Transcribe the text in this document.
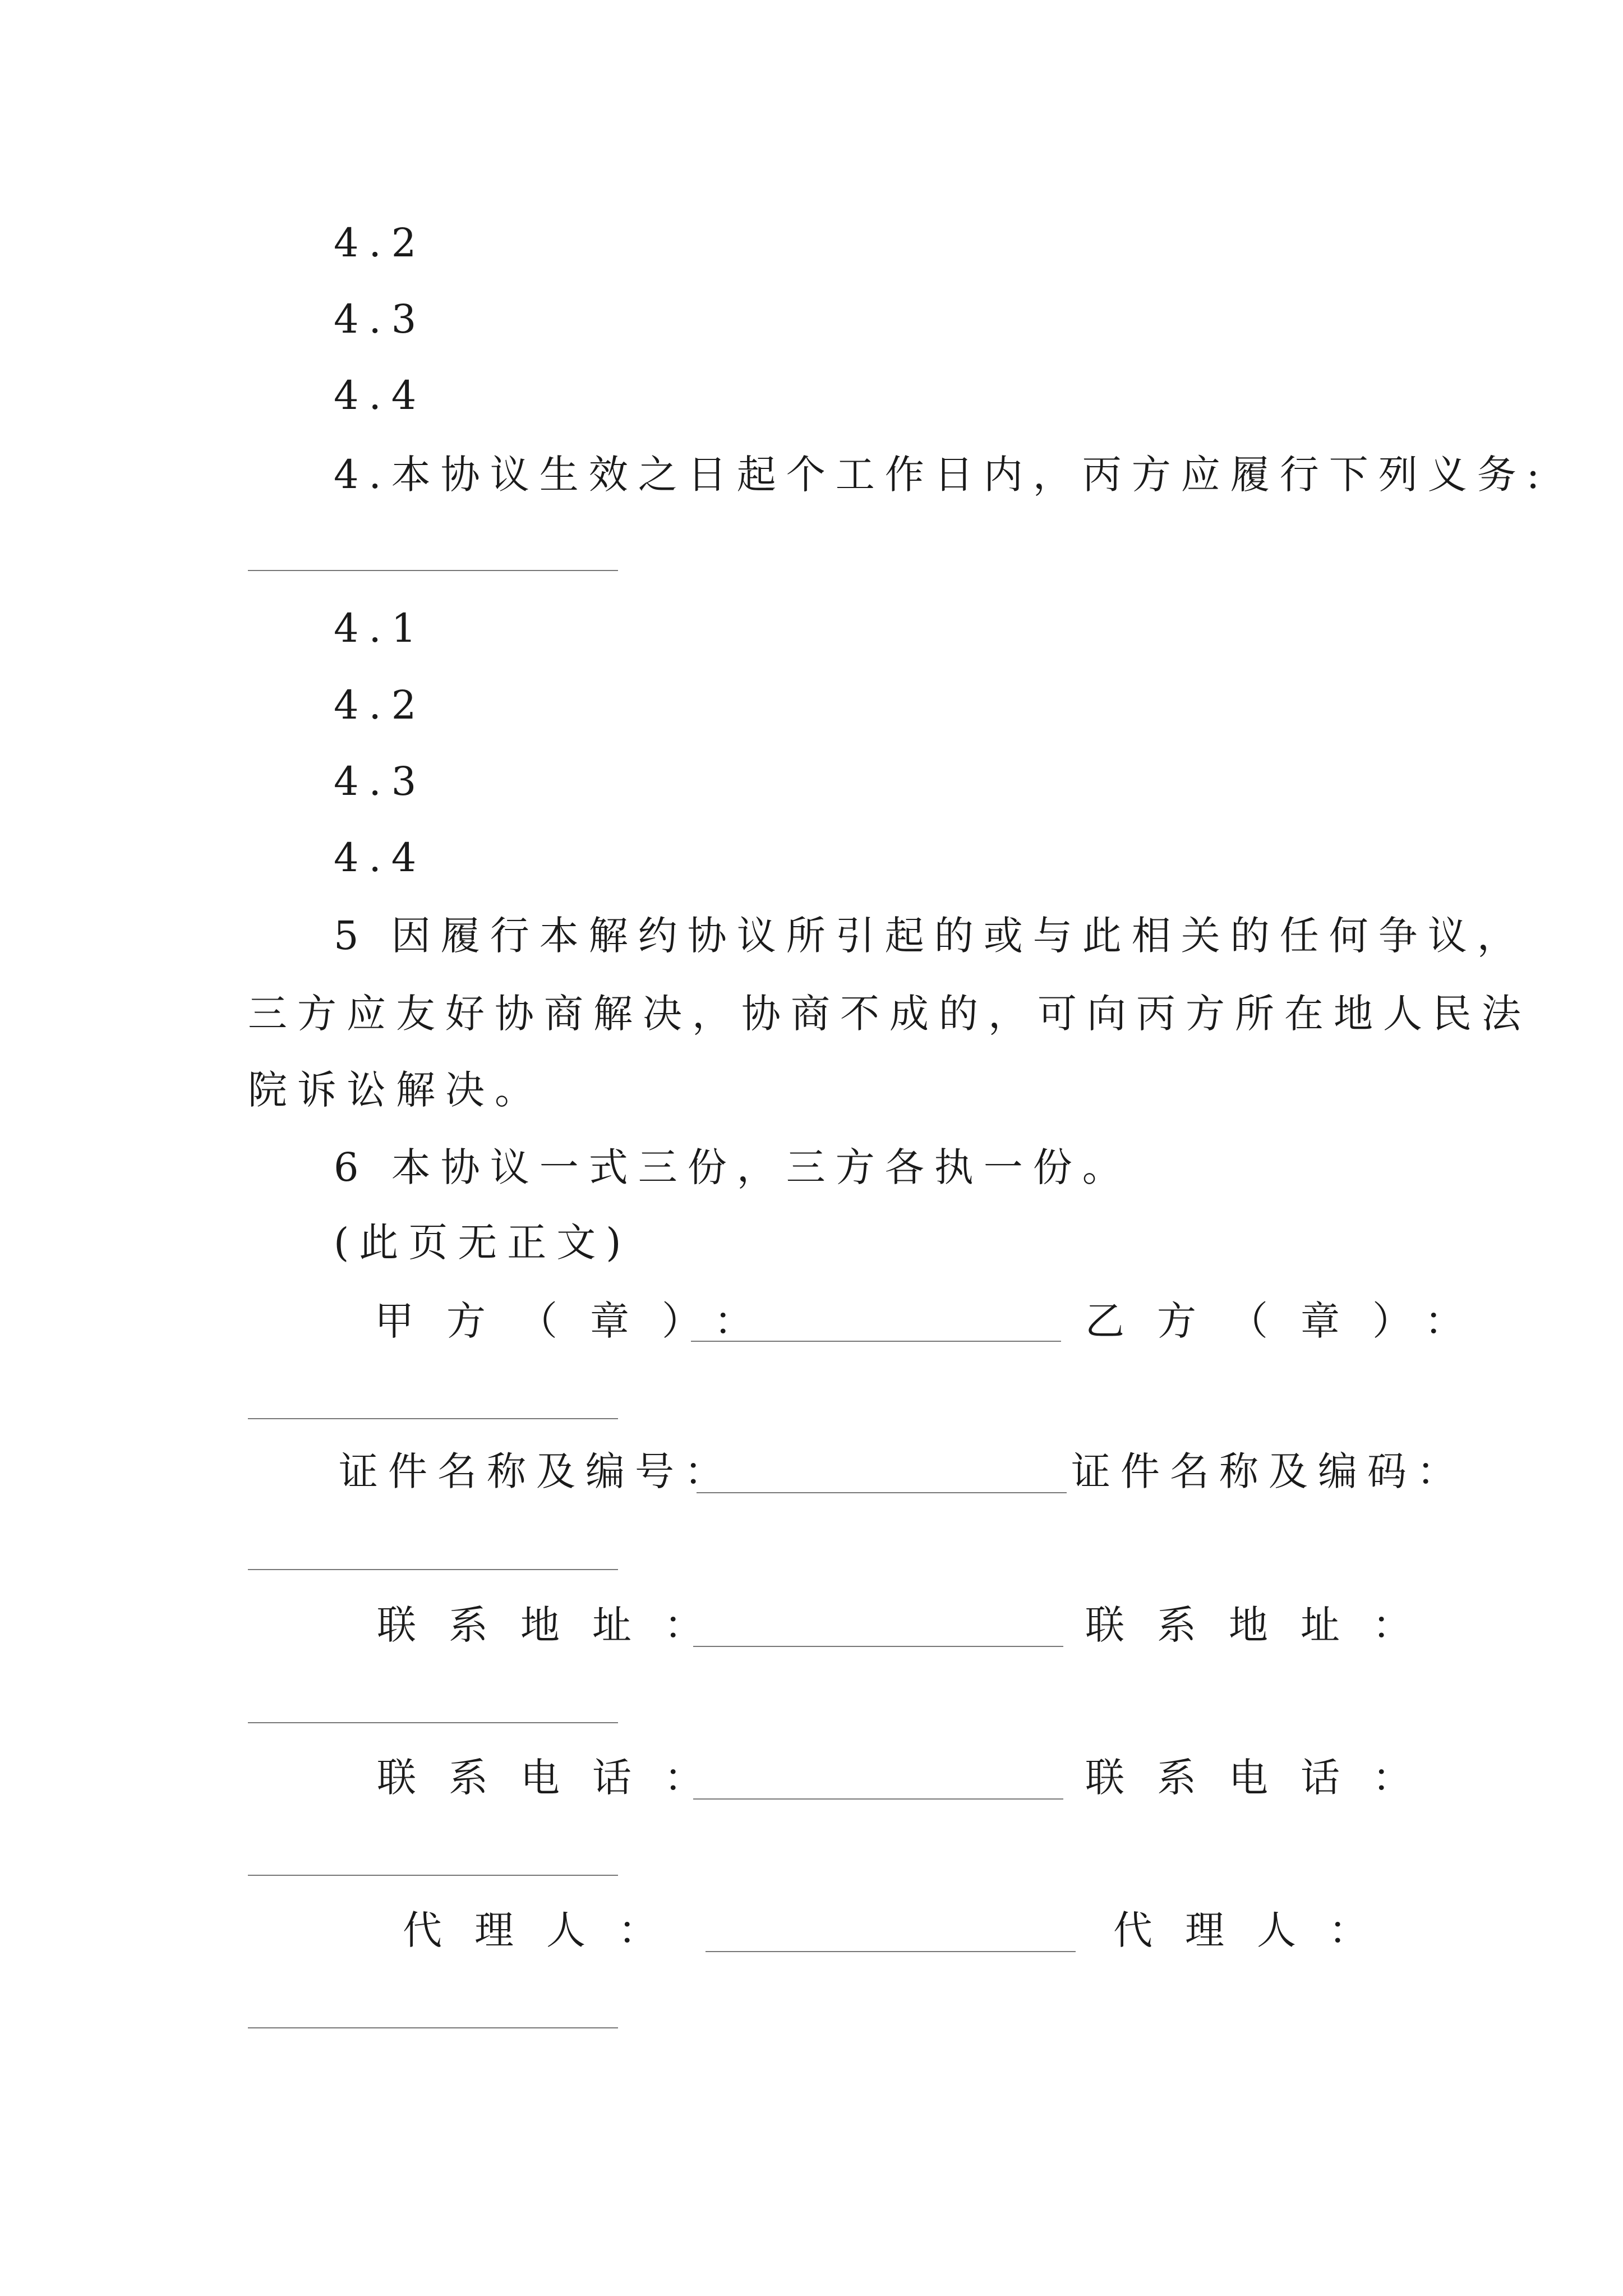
4.2

4.3

4.4

4.本协议生效之日起个工作日内，丙方应履行下列义务:

4.1

4.2

4.3

4.4

5 因履行本解约协议所引起的或与此相关的任何争议，

三方应友好协商解决，协商不成的，可向丙方所在地人民法

院诉讼解决。

6 本协议一式三份，三方各执一份。

(此页无正文)

甲方（章）：	乙方（章）：

证件名称及编号：	证件名称及编码：

联系地址：	联系地址：

联系电话：	联系电话：

代理人：	代理人：
